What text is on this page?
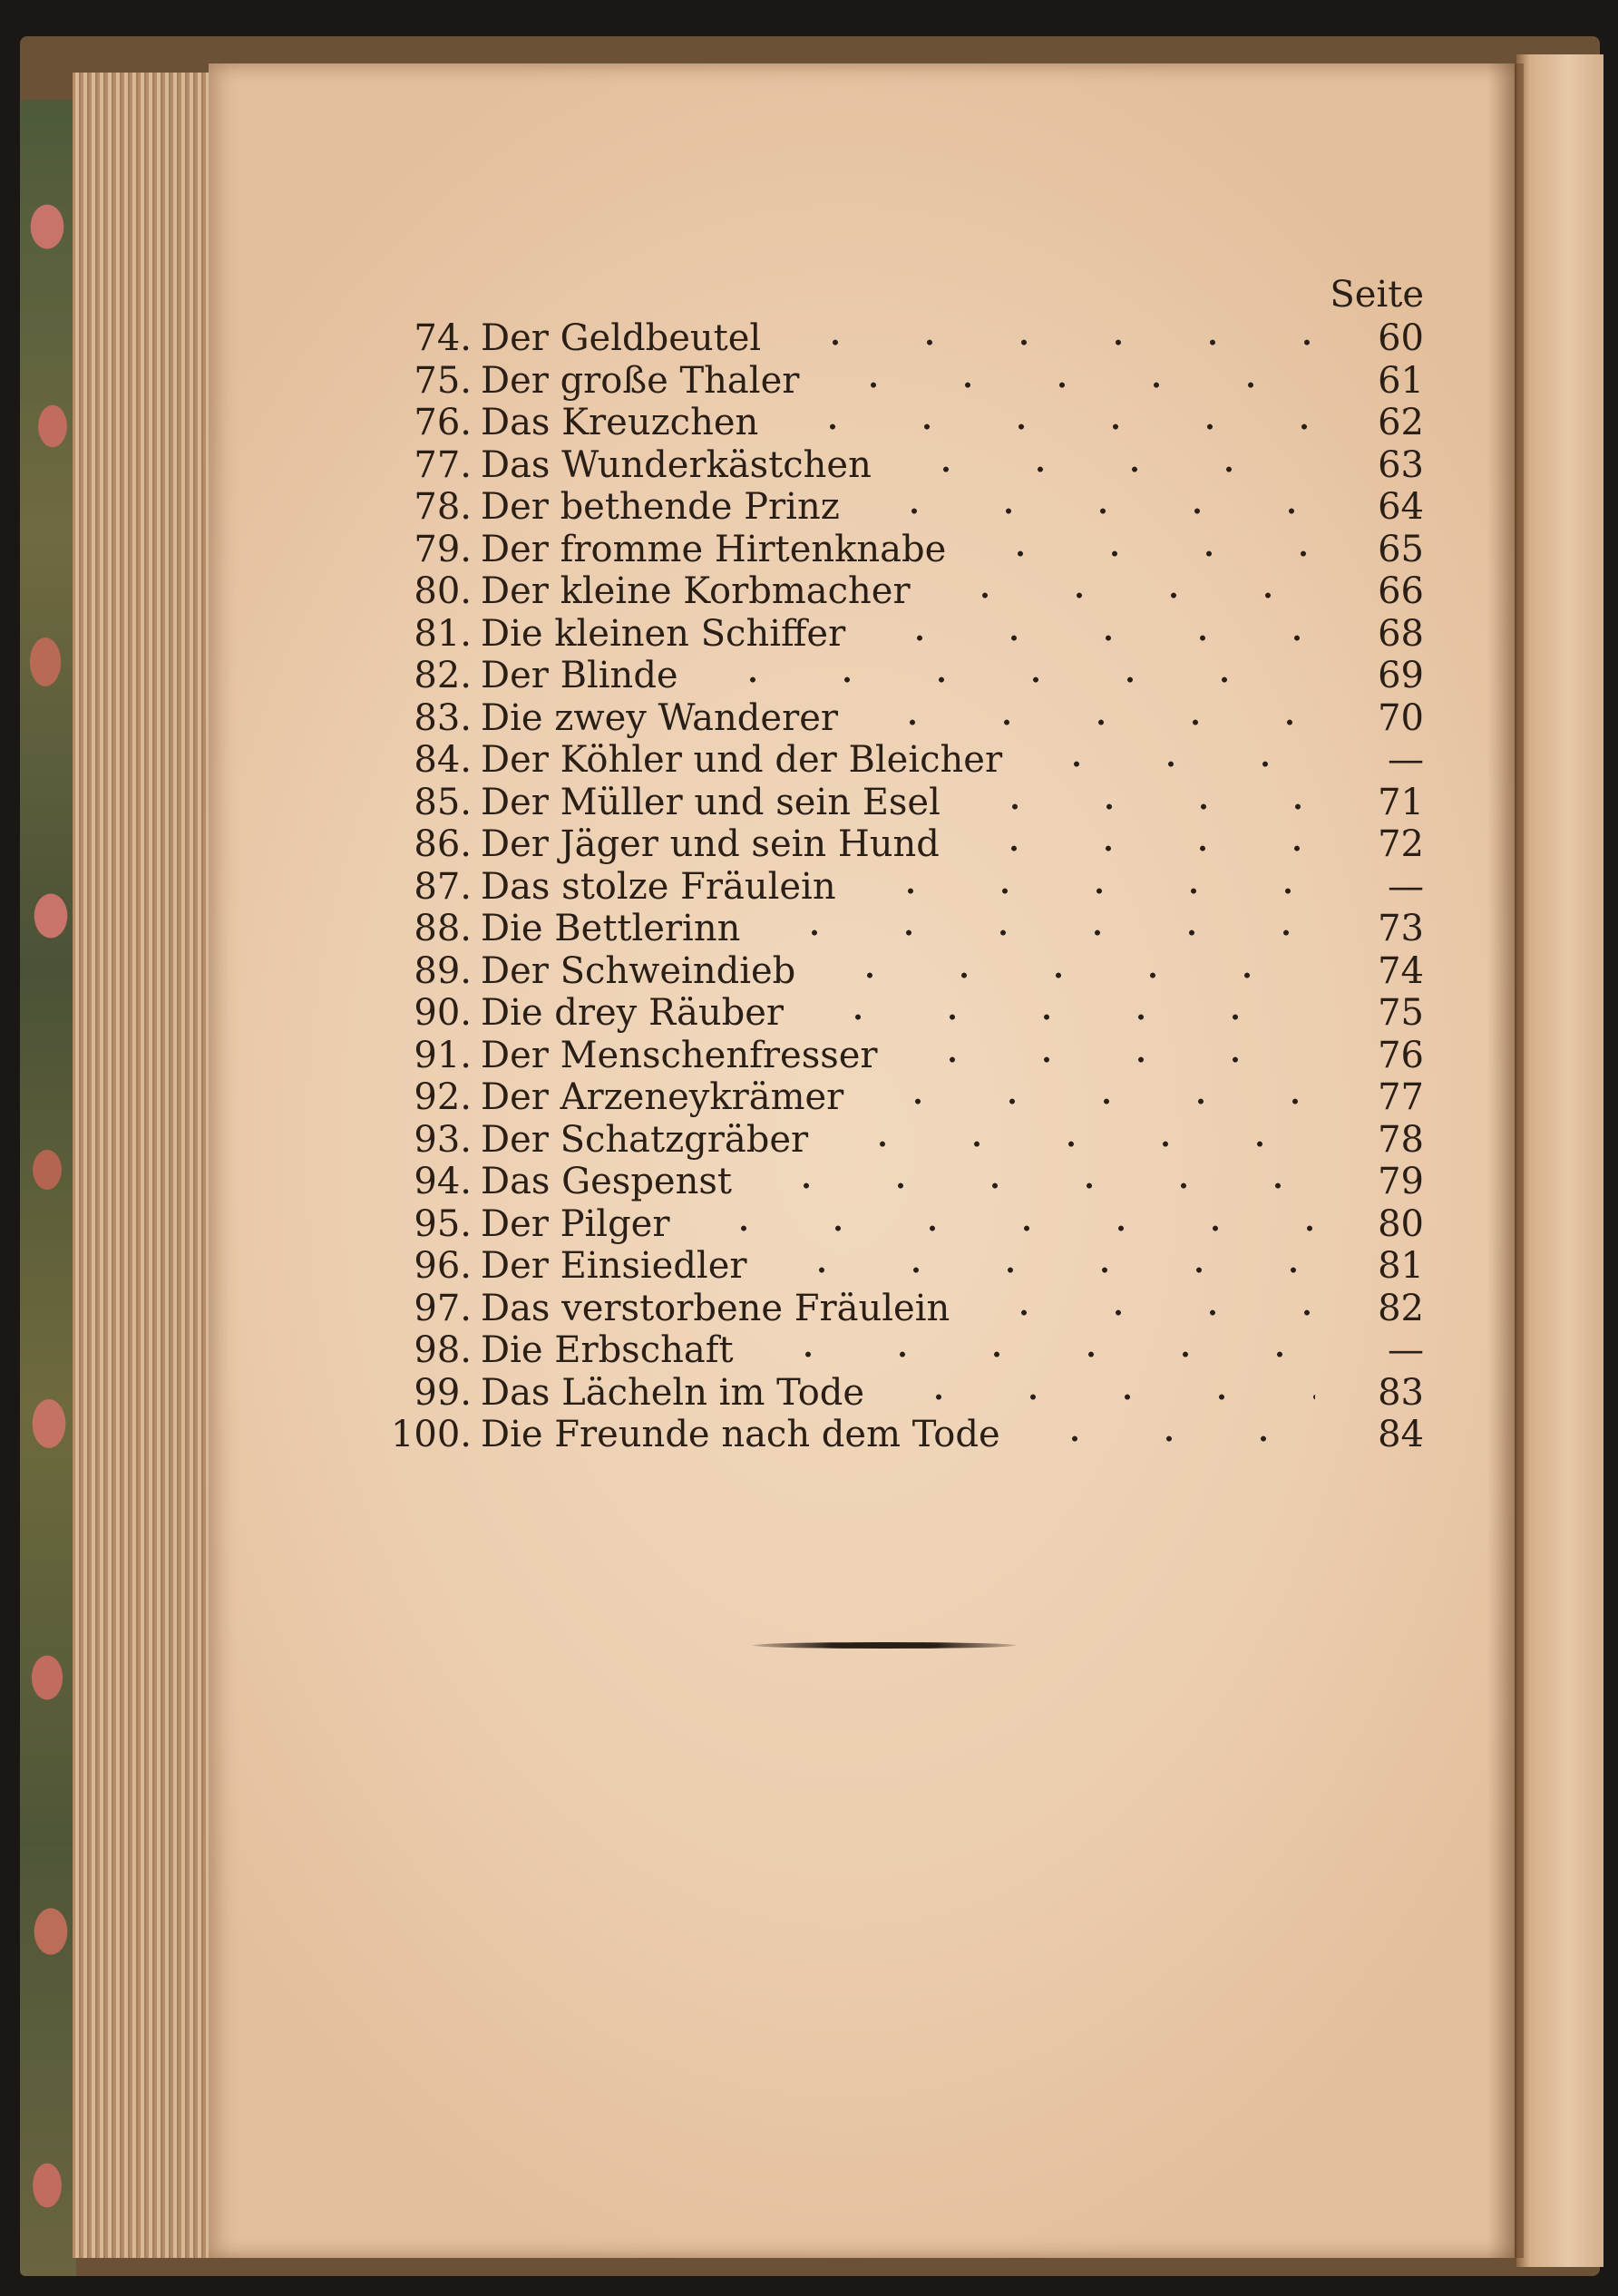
Seite
74. Der Geldbeutel	60
75. Der große Thaler	61
76. Das Kreuzchen	62
77. Das Wunderkästchen	63
78. Der bethende Prinz	64
79. Der fromme Hirtenknabe	65
80. Der kleine Korbmacher	66
81. Die kleinen Schiffer	68
82. Der Blinde	69
83. Die zwey Wanderer	70
84. Der Köhler und der Bleicher	—
85. Der Müller und sein Esel	71
86. Der Jäger und sein Hund	72
87. Das stolze Fräulein	—
88. Die Bettlerinn	73
89. Der Schweindieb	74
90. Die drey Räuber	75
91. Der Menschenfresser	76
92. Der Arzeneykrämer	77
93. Der Schatzgräber	78
94. Das Gespenst	79
95. Der Pilger	80
96. Der Einsiedler	81
97. Das verstorbene Fräulein	82
98. Die Erbschaft	—
99. Das Lächeln im Tode	83
100. Die Freunde nach dem Tode	84
